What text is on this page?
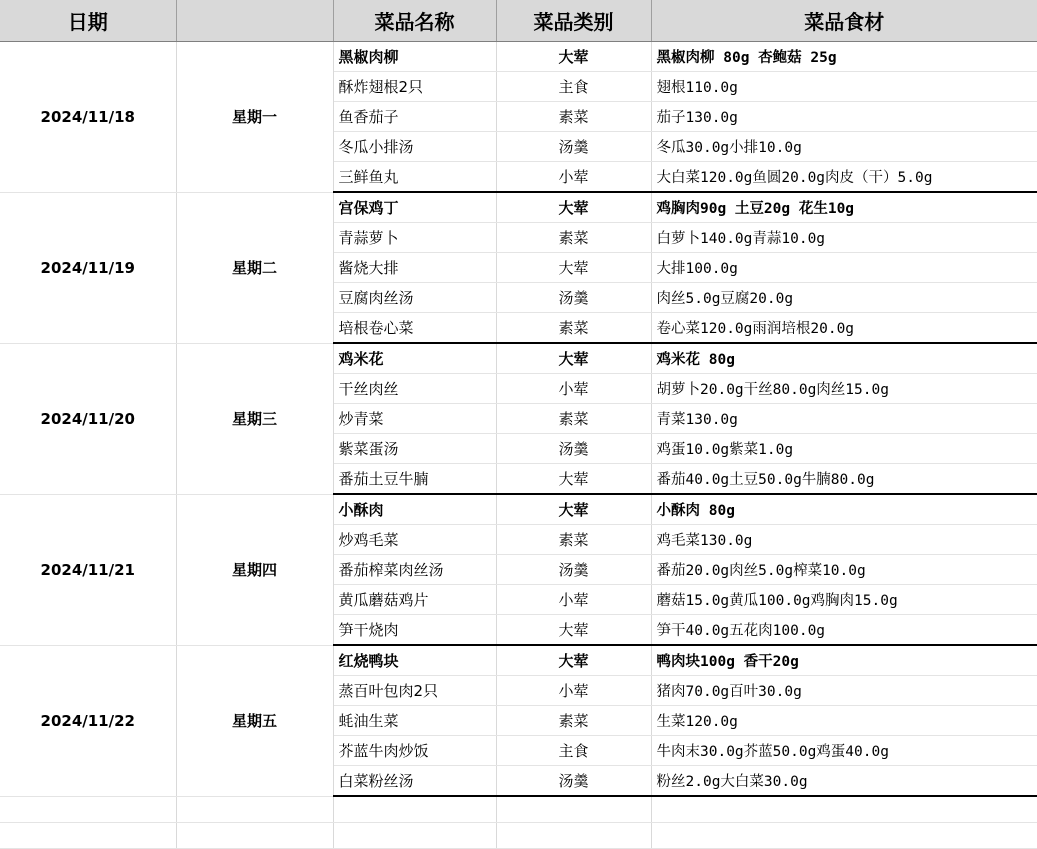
日期		菜品名称	菜品类别	菜品食材
2024/11/18	星期一	黑椒肉柳	大荤	黑椒肉柳 80g 杏鲍菇 25g
		酥炸翅根2只	主食	翅根110.0g
		鱼香茄子	素菜	茄子130.0g
		冬瓜小排汤	汤羹	冬瓜30.0g小排10.0g
		三鲜鱼丸	小荤	大白菜120.0g鱼圆20.0g肉皮（干）5.0g
2024/11/19	星期二	宫保鸡丁	大荤	鸡胸肉90g 土豆20g 花生10g
		青蒜萝卜	素菜	白萝卜140.0g青蒜10.0g
		酱烧大排	大荤	大排100.0g
		豆腐肉丝汤	汤羹	肉丝5.0g豆腐20.0g
		培根卷心菜	素菜	卷心菜120.0g雨润培根20.0g
2024/11/20	星期三	鸡米花	大荤	鸡米花 80g
		干丝肉丝	小荤	胡萝卜20.0g干丝80.0g肉丝15.0g
		炒青菜	素菜	青菜130.0g
		紫菜蛋汤	汤羹	鸡蛋10.0g紫菜1.0g
		番茄土豆牛腩	大荤	番茄40.0g土豆50.0g牛腩80.0g
2024/11/21	星期四	小酥肉	大荤	小酥肉 80g
		炒鸡毛菜	素菜	鸡毛菜130.0g
		番茄榨菜肉丝汤	汤羹	番茄20.0g肉丝5.0g榨菜10.0g
		黄瓜蘑菇鸡片	小荤	蘑菇15.0g黄瓜100.0g鸡胸肉15.0g
		笋干烧肉	大荤	笋干40.0g五花肉100.0g
2024/11/22	星期五	红烧鸭块	大荤	鸭肉块100g 香干20g
		蒸百叶包肉2只	小荤	猪肉70.0g百叶30.0g
		蚝油生菜	素菜	生菜120.0g
		芥蓝牛肉炒饭	主食	牛肉末30.0g芥蓝50.0g鸡蛋40.0g
		白菜粉丝汤	汤羹	粉丝2.0g大白菜30.0g
